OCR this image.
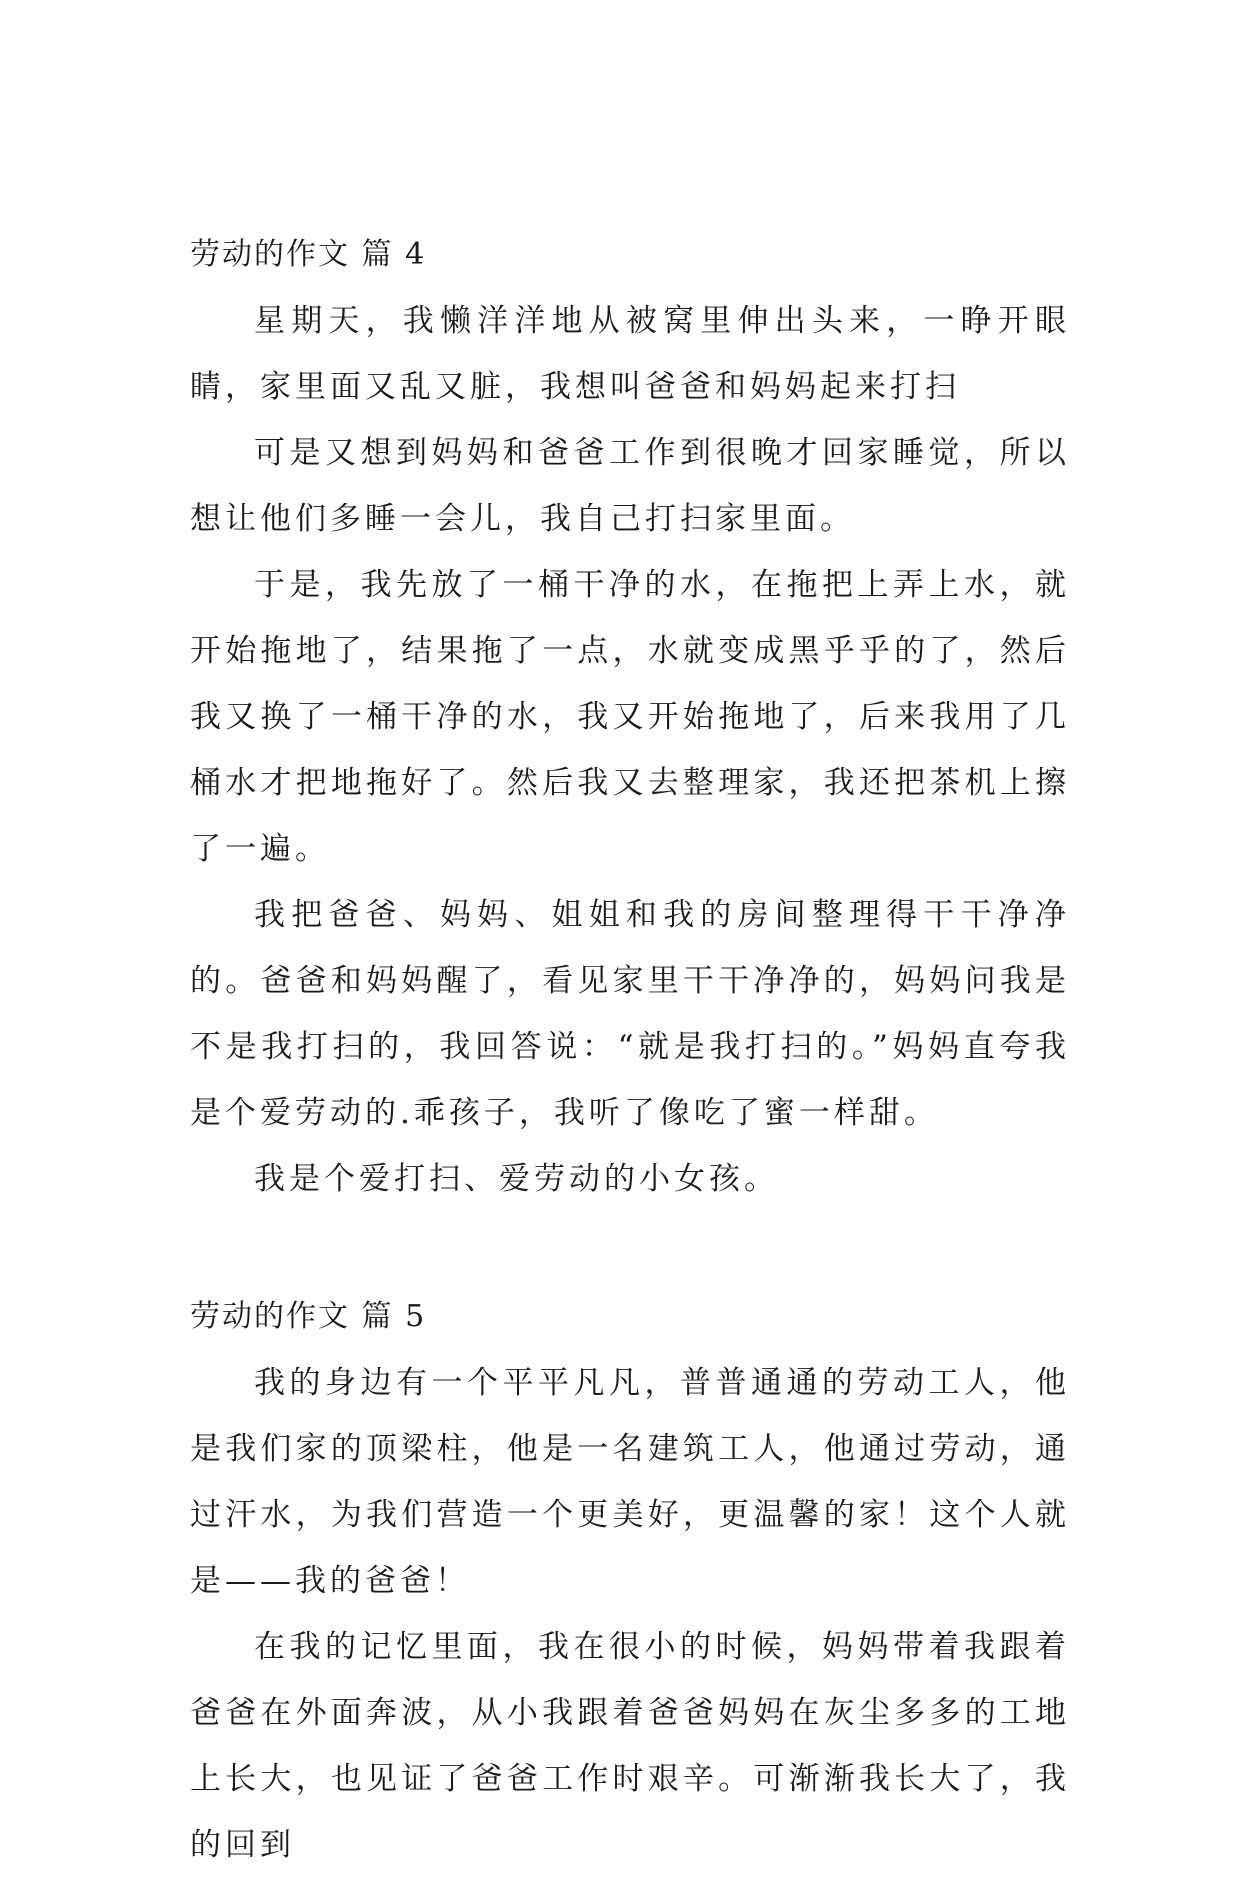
劳动的作文 篇 4

星期天，我懒洋洋地从被窝里伸出头来，一睁开眼睛，家里面又乱又脏，我想叫爸爸和妈妈起来打扫

可是又想到妈妈和爸爸工作到很晚才回家睡觉，所以想让他们多睡一会儿，我自己打扫家里面。

于是，我先放了一桶干净的水，在拖把上弄上水，就开始拖地了，结果拖了一点，水就变成黑乎乎的了，然后我又换了一桶干净的水，我又开始拖地了，后来我用了几桶水才把地拖好了。然后我又去整理家，我还把茶机上擦了一遍。

我把爸爸、妈妈、姐姐和我的房间整理得干干净净的。爸爸和妈妈醒了，看见家里干干净净的，妈妈问我是不是我打扫的，我回答说：“就是我打扫的。”妈妈直夸我是个爱劳动的.乖孩子，我听了像吃了蜜一样甜。

我是个爱打扫、爱劳动的小女孩。

劳动的作文 篇 5

我的身边有一个平平凡凡，普普通通的劳动工人，他是我们家的顶梁柱，他是一名建筑工人，他通过劳动，通过汗水，为我们营造一个更美好，更温馨的家！这个人就是——我的爸爸！

在我的记忆里面，我在很小的时候，妈妈带着我跟着爸爸在外面奔波，从小我跟着爸爸妈妈在灰尘多多的工地上长大，也见证了爸爸工作时艰辛。可渐渐我长大了，我的回到
